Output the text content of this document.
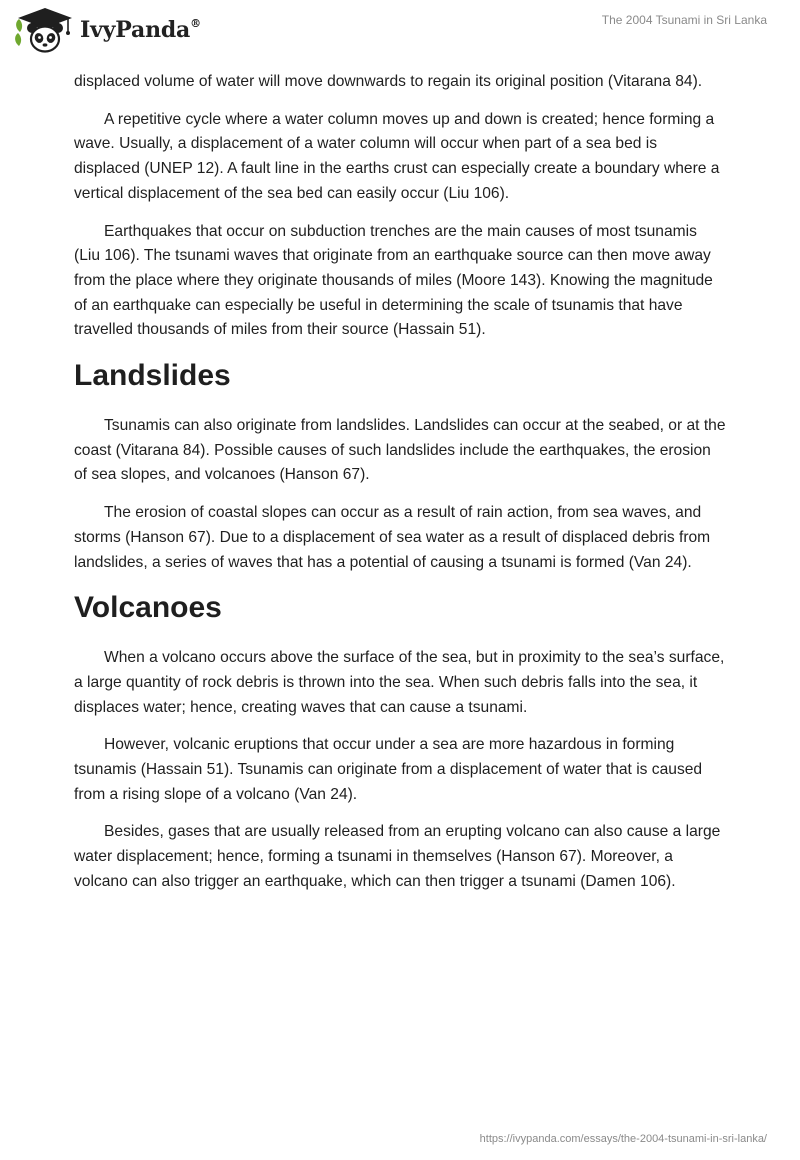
IvyPanda®	The 2004 Tsunami in Sri Lanka

displaced volume of water will move downwards to regain its original position (Vitarana 84).

A repetitive cycle where a water column moves up and down is created; hence forming a wave. Usually, a displacement of a water column will occur when part of a sea bed is displaced (UNEP 12). A fault line in the earths crust can especially create a boundary where a vertical displacement of the sea bed can easily occur (Liu 106).

Earthquakes that occur on subduction trenches are the main causes of most tsunamis (Liu 106). The tsunami waves that originate from an earthquake source can then move away from the place where they originate thousands of miles (Moore 143). Knowing the magnitude of an earthquake can especially be useful in determining the scale of tsunamis that have travelled thousands of miles from their source (Hassain 51).

Landslides

Tsunamis can also originate from landslides. Landslides can occur at the seabed, or at the coast (Vitarana 84). Possible causes of such landslides include the earthquakes, the erosion of sea slopes, and volcanoes (Hanson 67).

The erosion of coastal slopes can occur as a result of rain action, from sea waves, and storms (Hanson 67). Due to a displacement of sea water as a result of displaced debris from landslides, a series of waves that has a potential of causing a tsunami is formed (Van 24).

Volcanoes

When a volcano occurs above the surface of the sea, but in proximity to the sea’s surface, a large quantity of rock debris is thrown into the sea. When such debris falls into the sea, it displaces water; hence, creating waves that can cause a tsunami.

However, volcanic eruptions that occur under a sea are more hazardous in forming tsunamis (Hassain 51). Tsunamis can originate from a displacement of water that is caused from a rising slope of a volcano (Van 24).

Besides, gases that are usually released from an erupting volcano can also cause a large water displacement; hence, forming a tsunami in themselves (Hanson 67). Moreover, a volcano can also trigger an earthquake, which can then trigger a tsunami (Damen 106).

https://ivypanda.com/essays/the-2004-tsunami-in-sri-lanka/
